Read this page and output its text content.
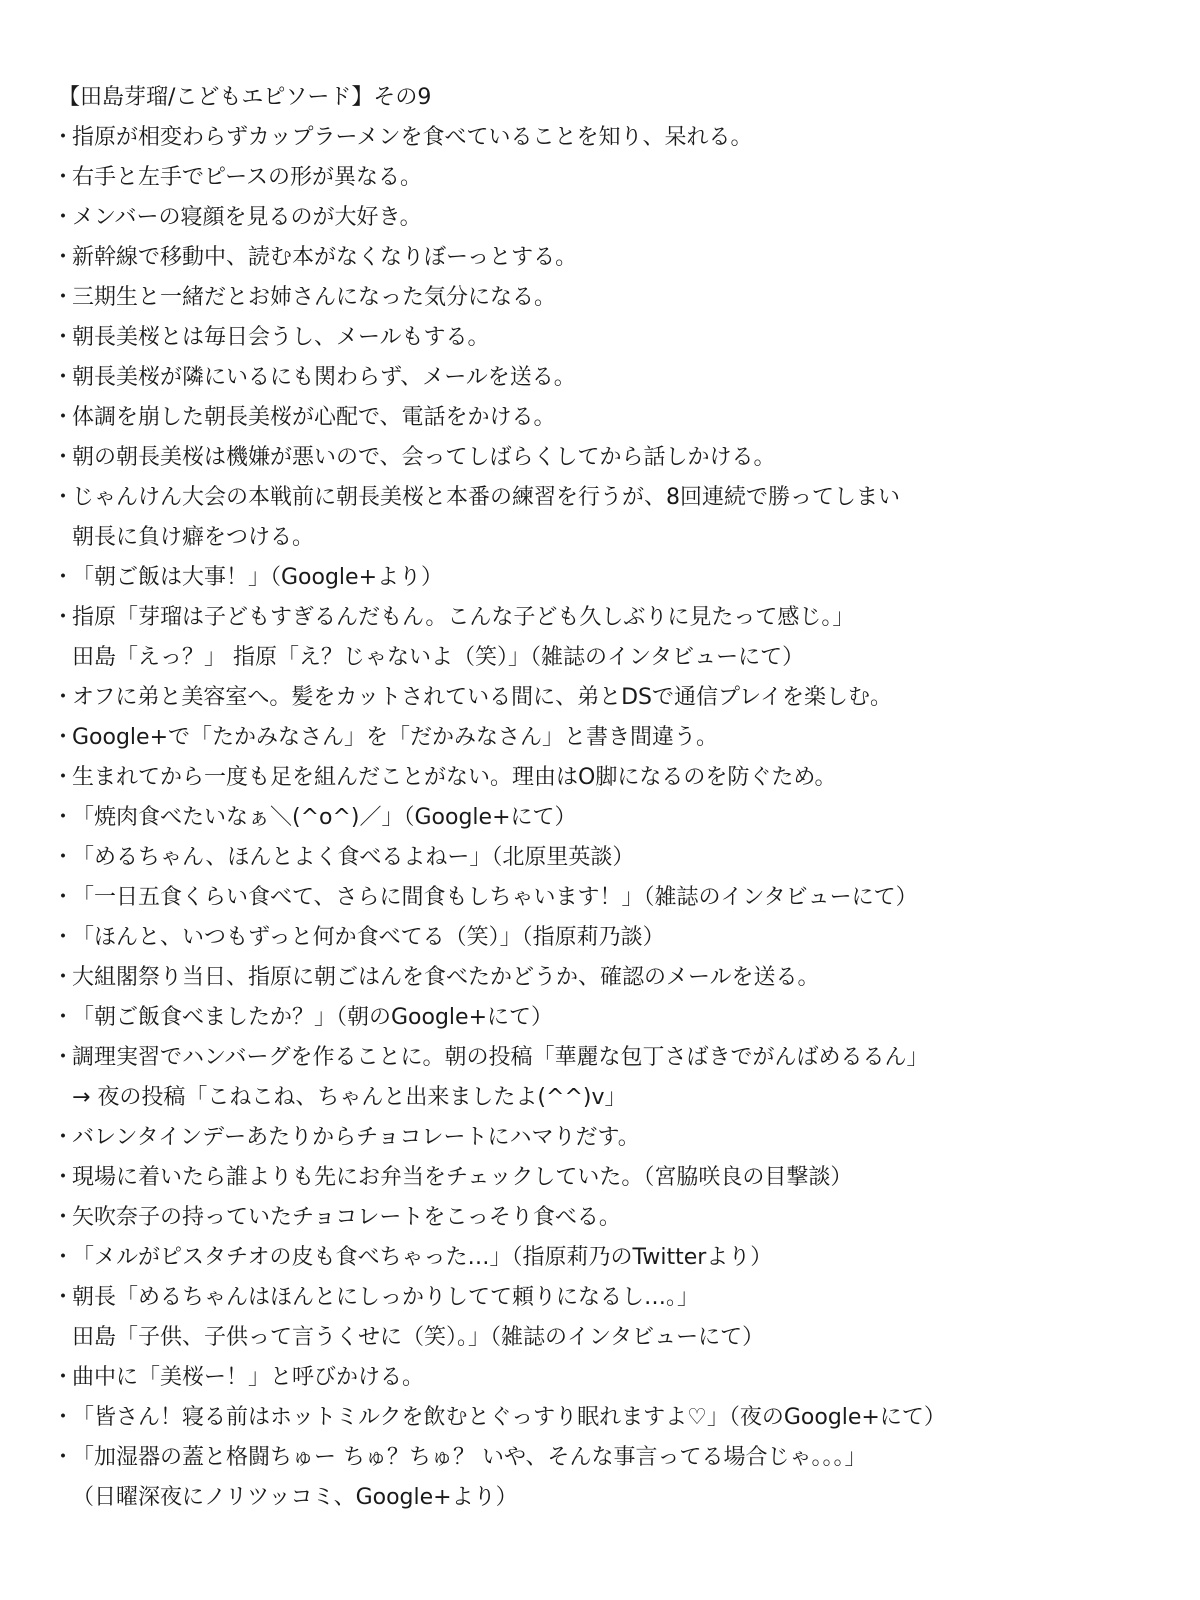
【田島芽瑠/こどもエピソード】その9
・
指原が相変わらずカップラーメンを食べていることを知り、呆れる。
・
右手と左手でピースの形が異なる。
・
メンバーの寝顔を見るのが大好き。
・
新幹線で移動中、読む本がなくなりぼーっとする。
・
三期生と一緒だとお姉さんになった気分になる。
・
朝長美桜とは毎日会うし、メールもする。
・
朝長美桜が隣にいるにも関わらず、メールを送る。
・
体調を崩した朝長美桜が心配で、電話をかける。
・
朝の朝長美桜は機嫌が悪いので、会ってしばらくしてから話しかける。
・
じゃんけん大会の本戦前に朝長美桜と本番の練習を行うが、8回連続で勝ってしまい
朝長に負け癖をつける。
・
「朝ご飯は大事！」（Google+より）
・
指原「芽瑠は子どもすぎるんだもん。こんな子ども久しぶりに見たって感じ。」
田島「えっ？」 指原「え？じゃないよ（笑）」（雑誌のインタビューにて）
・
オフに弟と美容室へ。髪をカットされている間に、弟とDSで通信プレイを楽しむ。
・
Google+で「たかみなさん」を「だかみなさん」と書き間違う。
・
生まれてから一度も足を組んだことがない。理由はO脚になるのを防ぐため。
・
「焼肉食べたいなぁ＼(^o^)／」（Google+にて）
・
「めるちゃん、ほんとよく食べるよねー」（北原里英談）
・
「一日五食くらい食べて、さらに間食もしちゃいます！」（雑誌のインタビューにて）
・
「ほんと、いつもずっと何か食べてる（笑）」（指原莉乃談）
・
大組閣祭り当日、指原に朝ごはんを食べたかどうか、確認のメールを送る。
・
「朝ご飯食べましたか？」（朝のGoogle+にて）
・
調理実習でハンバーグを作ることに。朝の投稿「華麗な包丁さばきでがんばめるるん」
→ 夜の投稿「こねこね、ちゃんと出来ましたよ(^^)v」
・
バレンタインデーあたりからチョコレートにハマりだす。
・
現場に着いたら誰よりも先にお弁当をチェックしていた。（宮脇咲良の目撃談）
・
矢吹奈子の持っていたチョコレートをこっそり食べる。
・
「メルがピスタチオの皮も食べちゃった…」（指原莉乃のTwitterより）
・
朝長「めるちゃんはほんとにしっかりしてて頼りになるし…。」
田島「子供、子供って言うくせに（笑）。」（雑誌のインタビューにて）
・
曲中に「美桜ー！」と呼びかける。
・
「皆さん！寝る前はホットミルクを飲むとぐっすり眠れますよ♡」（夜のGoogle+にて）
・
「加湿器の蓋と格闘ちゅー ちゅ？ちゅ？ いや、そんな事言ってる場合じゃ。。。」
（日曜深夜にノリツッコミ、Google+より）
